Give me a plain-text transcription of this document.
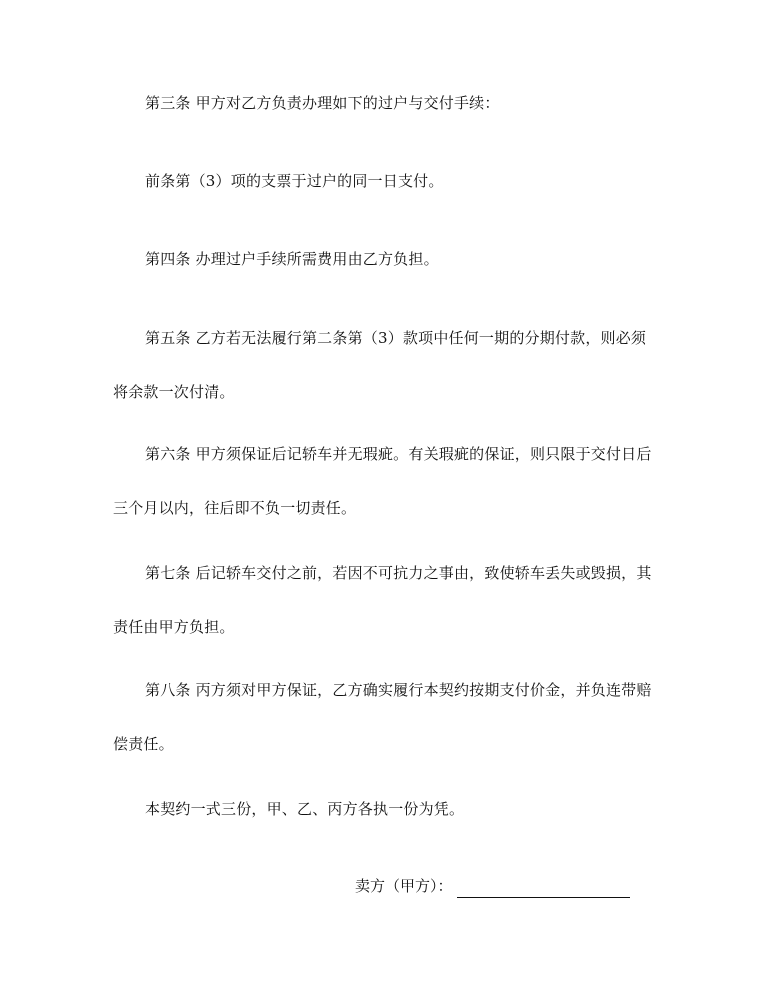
第三条 甲方对乙方负责办理如下的过户与交付手续：

前条第（3）项的支票于过户的同一日支付。

第四条 办理过户手续所需费用由乙方负担。

第五条 乙方若无法履行第二条第（3）款项中任何一期的分期付款，则必须将余款一次付清。

第六条 甲方须保证后记轿车并无瑕疵。有关瑕疵的保证，则只限于交付日后三个月以内，往后即不负一切责任。

第七条 后记轿车交付之前，若因不可抗力之事由，致使轿车丢失或毁损，其责任由甲方负担。

第八条 丙方须对甲方保证，乙方确实履行本契约按期支付价金，并负连带赔偿责任。

本契约一式三份，甲、乙、丙方各执一份为凭。

卖方（甲方）：
